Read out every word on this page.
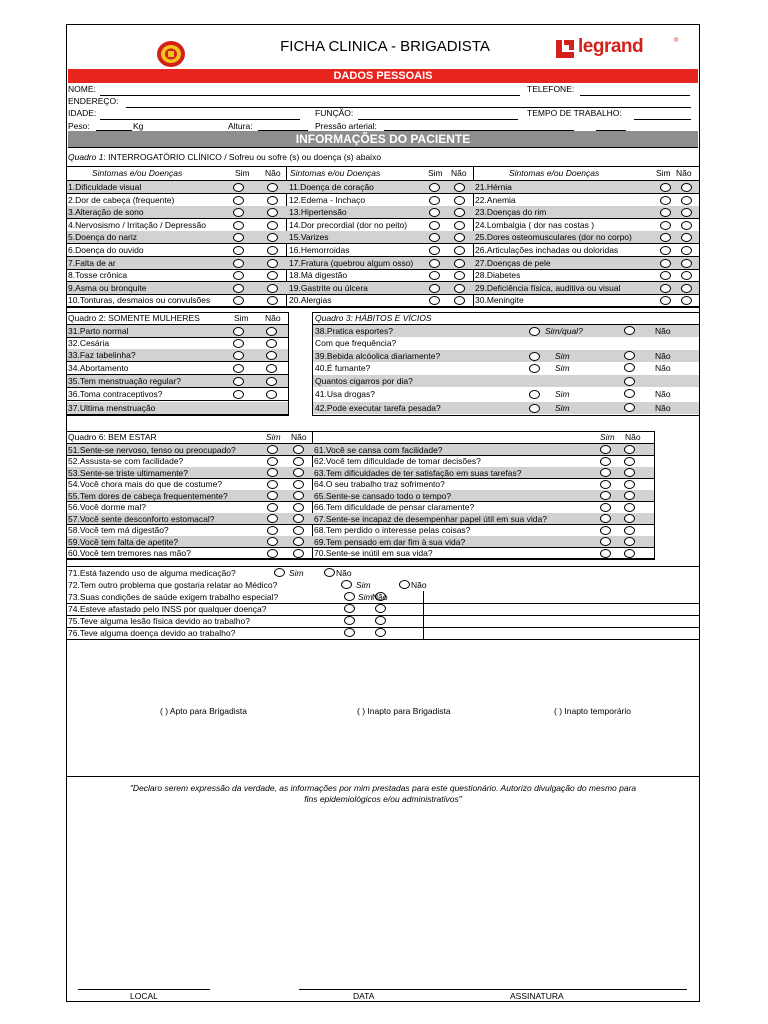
FICHA CLINICA - BRIGADISTA	legrand	®
DADOS PESSOAIS
NOME:	TELEFONE:
ENDEREÇO:
IDADE:	FUNÇÃO:	TEMPO DE TRABALHO:
Peso:	Kg	Altura:	Pressão arterial:
INFORMAÇÕES DO PACIENTE
Quadro 1: INTERROGATÓRIO CLÍNICO / Sofreu ou sofre (s) ou doença (s) abaixo
Sintomas e/ou Doenças	Sim Não Sintomas e/ou Doenças	Sim Não	Sintomas e/ou Doenças	Sim Não
1.Dificuldade visual	11.Doença de coração	21.Hérnia
2.Dor de cabeça (frequente)	12.Edema - Inchaço	22.Anemia
3.Alteração de sono	13.Hipertensão	23.Doenças do rim
4.Nervosismo / Irritação / Depressão	14.Dor precordial (dor no peito)	24.Lombalgia ( dor nas costas )
5.Doença do nariz	15.Varizes	25.Dores osteomusculares (dor no corpo)
6.Doença do ouvido	16.Hemorroidas	26.Articulações inchadas ou doloridas
7.Falta de ar	17.Fratura (quebrou algum osso)	27.Doenças de pele
8.Tosse crônica	18.Má digestão	28.Diabetes
9.Asma ou bronquite	19.Gastrite ou úlcera	29.Deficiência física, auditiva ou visual
10.Tonturas, desmaios ou convulsões	20.Alergias	30.Meningite
Quadro 2: SOMENTE MULHERES	Sim Não
31.Parto normal
32.Cesária
33.Faz tabelinha?
34.Abortamento
35.Tem menstruação regular?
36.Toma contraceptivos?
37.Ultima menstruação
Quadro 3: HÁBITOS E VÍCIOS
38.Pratica esportes?	Sim/qual?	Não
Com que frequência?
39.Bebida alcóolica diariamente?	Sim	Não
40.É fumante?	Sim	Não
Quantos cigarros por dia?
41.Usa drogas?	Sim	Não
42.Pode executar tarefa pesada?	Sim	Não
Quadro 6: BEM ESTAR	Sim Não	Sim Não
51.Sente-se nervoso, tenso ou preocupado?	61.Você se cansa com facilidade?
52.Assusta-se com facilidade?	62.Você tem dificuldade de tomar decisões?
53.Sente-se triste ultimamente?	63.Tem dificuldades de ter satisfação em suas tarefas?
54.Você chora mais do que de costume?	64.O seu trabalho traz sofrimento?
55.Tem dores de cabeça frequentemente?	65.Sente-se cansado todo o tempo?
56.Você dorme mal?	66.Tem dificuldade de pensar claramente?
57.Você sente desconforto estomacal?	67.Sente-se incapaz de desempenhar papel útil em sua vida?
58.Você tem má digestão?	68.Tem perdido o interesse pelas coisas?
59.Você tem falta de apetite?	69.Tem pensado em dar fim à sua vida?
60.Você tem tremores nas mão?	70.Sente-se inútil em sua vida?
71.Está fazendo uso de alguma medicação?	Sim	Não
72.Tem outro problema que gostaria relatar ao Médico?	Sim	Não
73.Suas condições de saúde exigem trabalho especial?	Sim Não
74.Esteve afastado pelo INSS por qualquer doença?
75.Teve alguma lesão física devido ao trabalho?
76.Teve alguma doença devido ao trabalho?
( ) Apto para Brigadista	( ) Inapto para Brigadista	( ) Inapto temporário
"Declaro serem expressão da verdade, as informações por mim prestadas para este questionário. Autorizo divulgação do mesmo para
fins epidemiológicos e/ou administrativos"
LOCAL	DATA	ASSINATURA
